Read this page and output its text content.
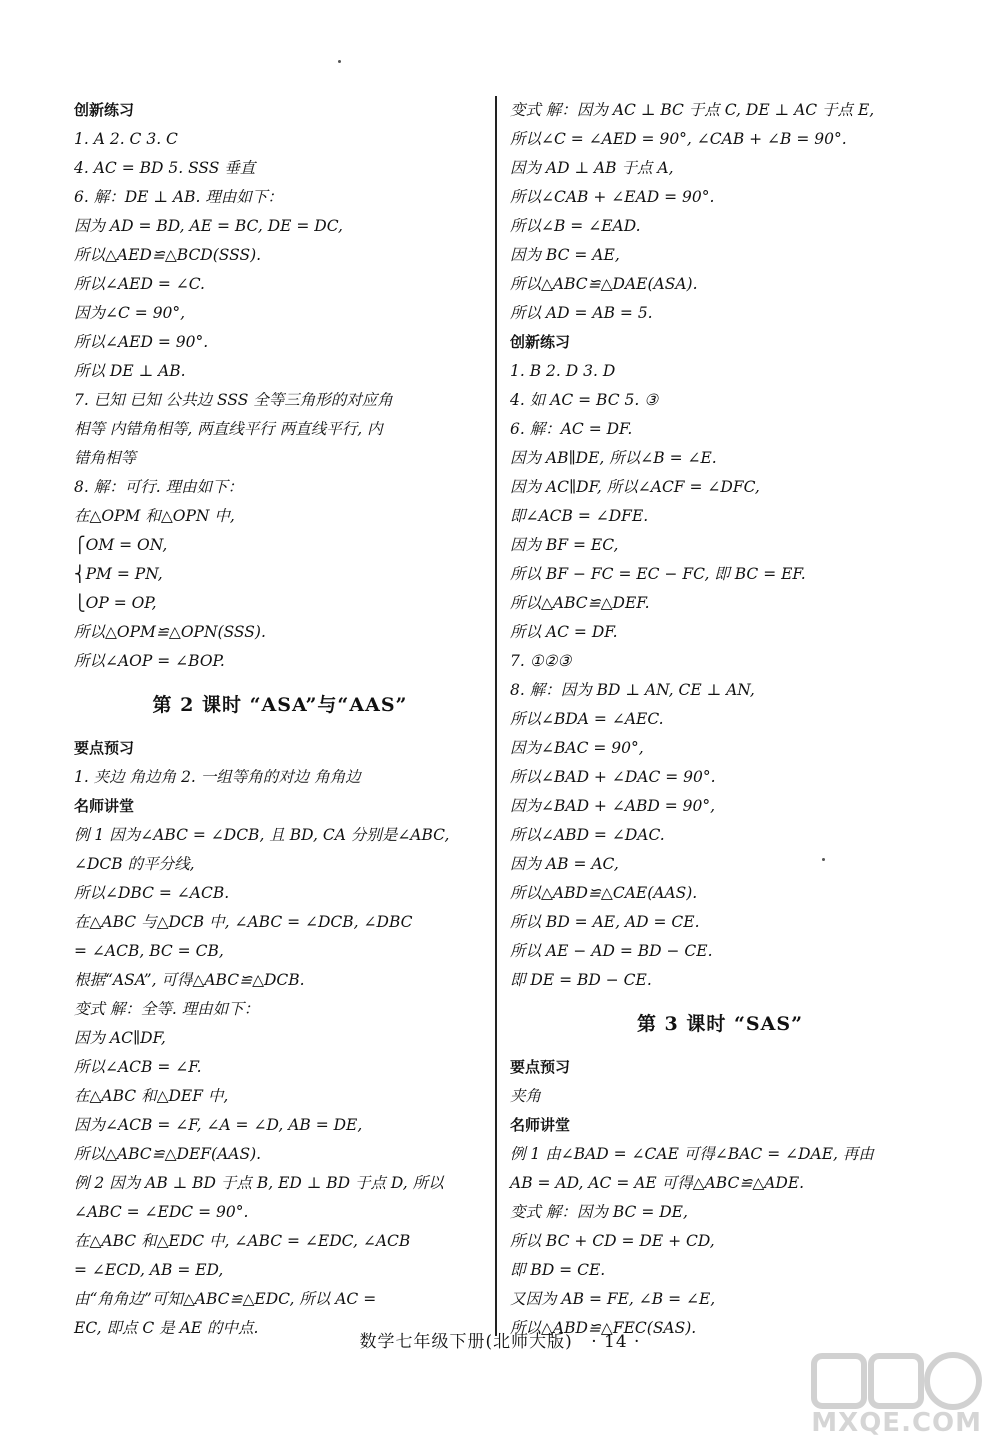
创新练习
1. A 2. C 3. C
4. AC = BD 5. SSS 垂直
6. 解：DE ⊥ AB. 理由如下：
因为 AD = BD, AE = BC, DE = DC,
所以△AED≌△BCD(SSS).
所以∠AED = ∠C.
因为∠C = 90°,
所以∠AED = 90°.
所以 DE ⊥ AB.
7. 已知 已知 公共边 SSS 全等三角形的对应角
相等 内错角相等, 两直线平行 两直线平行, 内
错角相等
8. 解：可行. 理由如下：
在△OPM 和△OPN 中,
⎧OM = ON,
⎨PM = PN,
⎩OP = OP,
所以△OPM≌△OPN(SSS).
所以∠AOP = ∠BOP.
第 2 课时 “ASA”与“AAS”
要点预习
1. 夹边 角边角 2. 一组等角的对边 角角边
名师讲堂
例 1 因为∠ABC = ∠DCB, 且 BD, CA 分别是∠ABC,
∠DCB 的平分线,
所以∠DBC = ∠ACB.
在△ABC 与△DCB 中, ∠ABC = ∠DCB, ∠DBC
= ∠ACB, BC = CB,
根据“ASA”, 可得△ABC≌△DCB.
变式 解：全等. 理由如下：
因为 AC∥DF,
所以∠ACB = ∠F.
在△ABC 和△DEF 中,
因为∠ACB = ∠F, ∠A = ∠D, AB = DE,
所以△ABC≌△DEF(AAS).
例 2 因为 AB ⊥ BD 于点 B, ED ⊥ BD 于点 D, 所以
∠ABC = ∠EDC = 90°.
在△ABC 和△EDC 中, ∠ABC = ∠EDC, ∠ACB
= ∠ECD, AB = ED,
由“角角边”可知△ABC≌△EDC, 所以 AC =
EC, 即点 C 是 AE 的中点.
变式 解：因为 AC ⊥ BC 于点 C, DE ⊥ AC 于点 E,
所以∠C = ∠AED = 90°, ∠CAB + ∠B = 90°.
因为 AD ⊥ AB 于点 A,
所以∠CAB + ∠EAD = 90°.
所以∠B = ∠EAD.
因为 BC = AE,
所以△ABC≌△DAE(ASA).
所以 AD = AB = 5.
创新练习
1. B 2. D 3. D
4. 如 AC = BC 5. ③
6. 解：AC = DF.
因为 AB∥DE, 所以∠B = ∠E.
因为 AC∥DF, 所以∠ACF = ∠DFC,
即∠ACB = ∠DFE.
因为 BF = EC,
所以 BF − FC = EC − FC, 即 BC = EF.
所以△ABC≌△DEF.
所以 AC = DF.
7. ①②③
8. 解：因为 BD ⊥ AN, CE ⊥ AN,
所以∠BDA = ∠AEC.
因为∠BAC = 90°,
所以∠BAD + ∠DAC = 90°.
因为∠BAD + ∠ABD = 90°,
所以∠ABD = ∠DAC.
因为 AB = AC,
所以△ABD≌△CAE(AAS).
所以 BD = AE, AD = CE.
所以 AE − AD = BD − CE.
即 DE = BD − CE.
第 3 课时 “SAS”
要点预习
夹角
名师讲堂
例 1 由∠BAD = ∠CAE 可得∠BAC = ∠DAE, 再由
AB = AD, AC = AE 可得△ABC≌△ADE.
变式 解：因为 BC = DE,
所以 BC + CD = DE + CD,
即 BD = CE.
又因为 AB = FE, ∠B = ∠E,
所以△ABD≌△FEC(SAS).
数学七年级下册(北师大版) · 14 ·
MXQE.COM
